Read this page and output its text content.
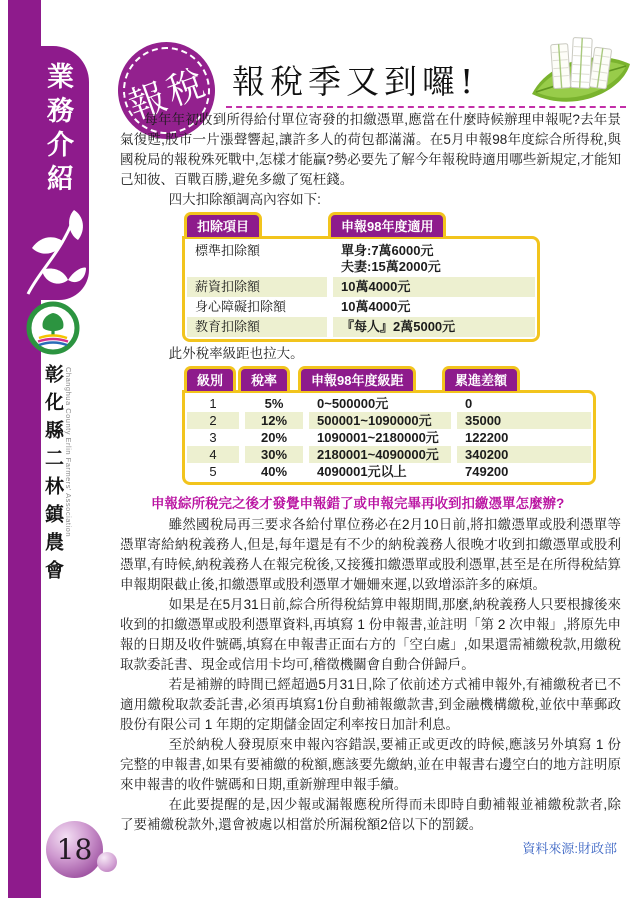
業務介紹
彰化縣二林鎮農會 Changhua County Erlin Farmers' Association
18
報稅 報稅季又到囉!

每年年初收到所得給付單位寄發的扣繳憑單,應當在什麼時候辦理申報呢?去年景氣復甦,股市一片漲聲響起,讓許多人的荷包都滿滿。在5月申報98年度綜合所得稅,與國稅局的報稅殊死戰中,怎樣才能贏?勢必要先了解今年報稅時適用哪些新規定,才能知己知彼、百戰百勝,避免多繳了冤枉錢。

四大扣除額調高內容如下:

扣除項目	申報98年度適用
標準扣除額	單身:7萬6000元
夫妻:15萬2000元
薪資扣除額	10萬4000元
身心障礙扣除額	10萬4000元
教育扣除額	『每人』2萬5000元

此外稅率級距也拉大。

級別	稅率	申報98年度級距	累進差額
1	5%	0~500000元	0
2	12%	500001~1090000元	35000
3	20%	1090001~2180000元	122200
4	30%	2180001~4090000元	340200
5	40%	4090001元以上	749200
申報綜所稅完之後才發覺申報錯了或申報完畢再收到扣繳憑單怎麼辦?

雖然國稅局再三要求各給付單位務必在2月10日前,將扣繳憑單或股利憑單等憑單寄給納稅義務人,但是,每年還是有不少的納稅義務人很晚才收到扣繳憑單或股利憑單,有時候,納稅義務人在報完稅後,又接獲扣繳憑單或股利憑單,甚至是在所得稅結算申報期限截止後,扣繳憑單或股利憑單才姍姍來遲,以致增添許多的麻煩。

如果是在5月31日前,綜合所得稅結算申報期間,那麼,納稅義務人只要根據後來收到的扣繳憑單或股利憑單資料,再填寫 1 份申報書,並註明「第 2 次申報」,將原先申報的日期及收件號碼,填寫在申報書正面右方的「空白處」,如果還需補繳稅款,用繳稅取款委託書、現金或信用卡均可,稽徵機關會自動合併歸戶。

若是補辦的時間已經超過5月31日,除了依前述方式補申報外,有補繳稅者已不適用繳稅取款委託書,必須再填寫1份自動補報繳款書,到金融機構繳稅,並依中華郵政股份有限公司 1 年期的定期儲金固定利率按日加計利息。

至於納稅人發現原來申報內容錯誤,要補正或更改的時候,應該另外填寫 1 份完整的申報書,如果有要補繳的稅額,應該要先繳納,並在申報書右邊空白的地方註明原來申報書的收件號碼和日期,重新辦理申報手續。

在此要提醒的是,因少報或漏報應稅所得而未即時自動補報並補繳稅款者,除了要補繳稅款外,還會被處以相當於所漏稅額2倍以下的罰鍰。

資料來源:財政部
